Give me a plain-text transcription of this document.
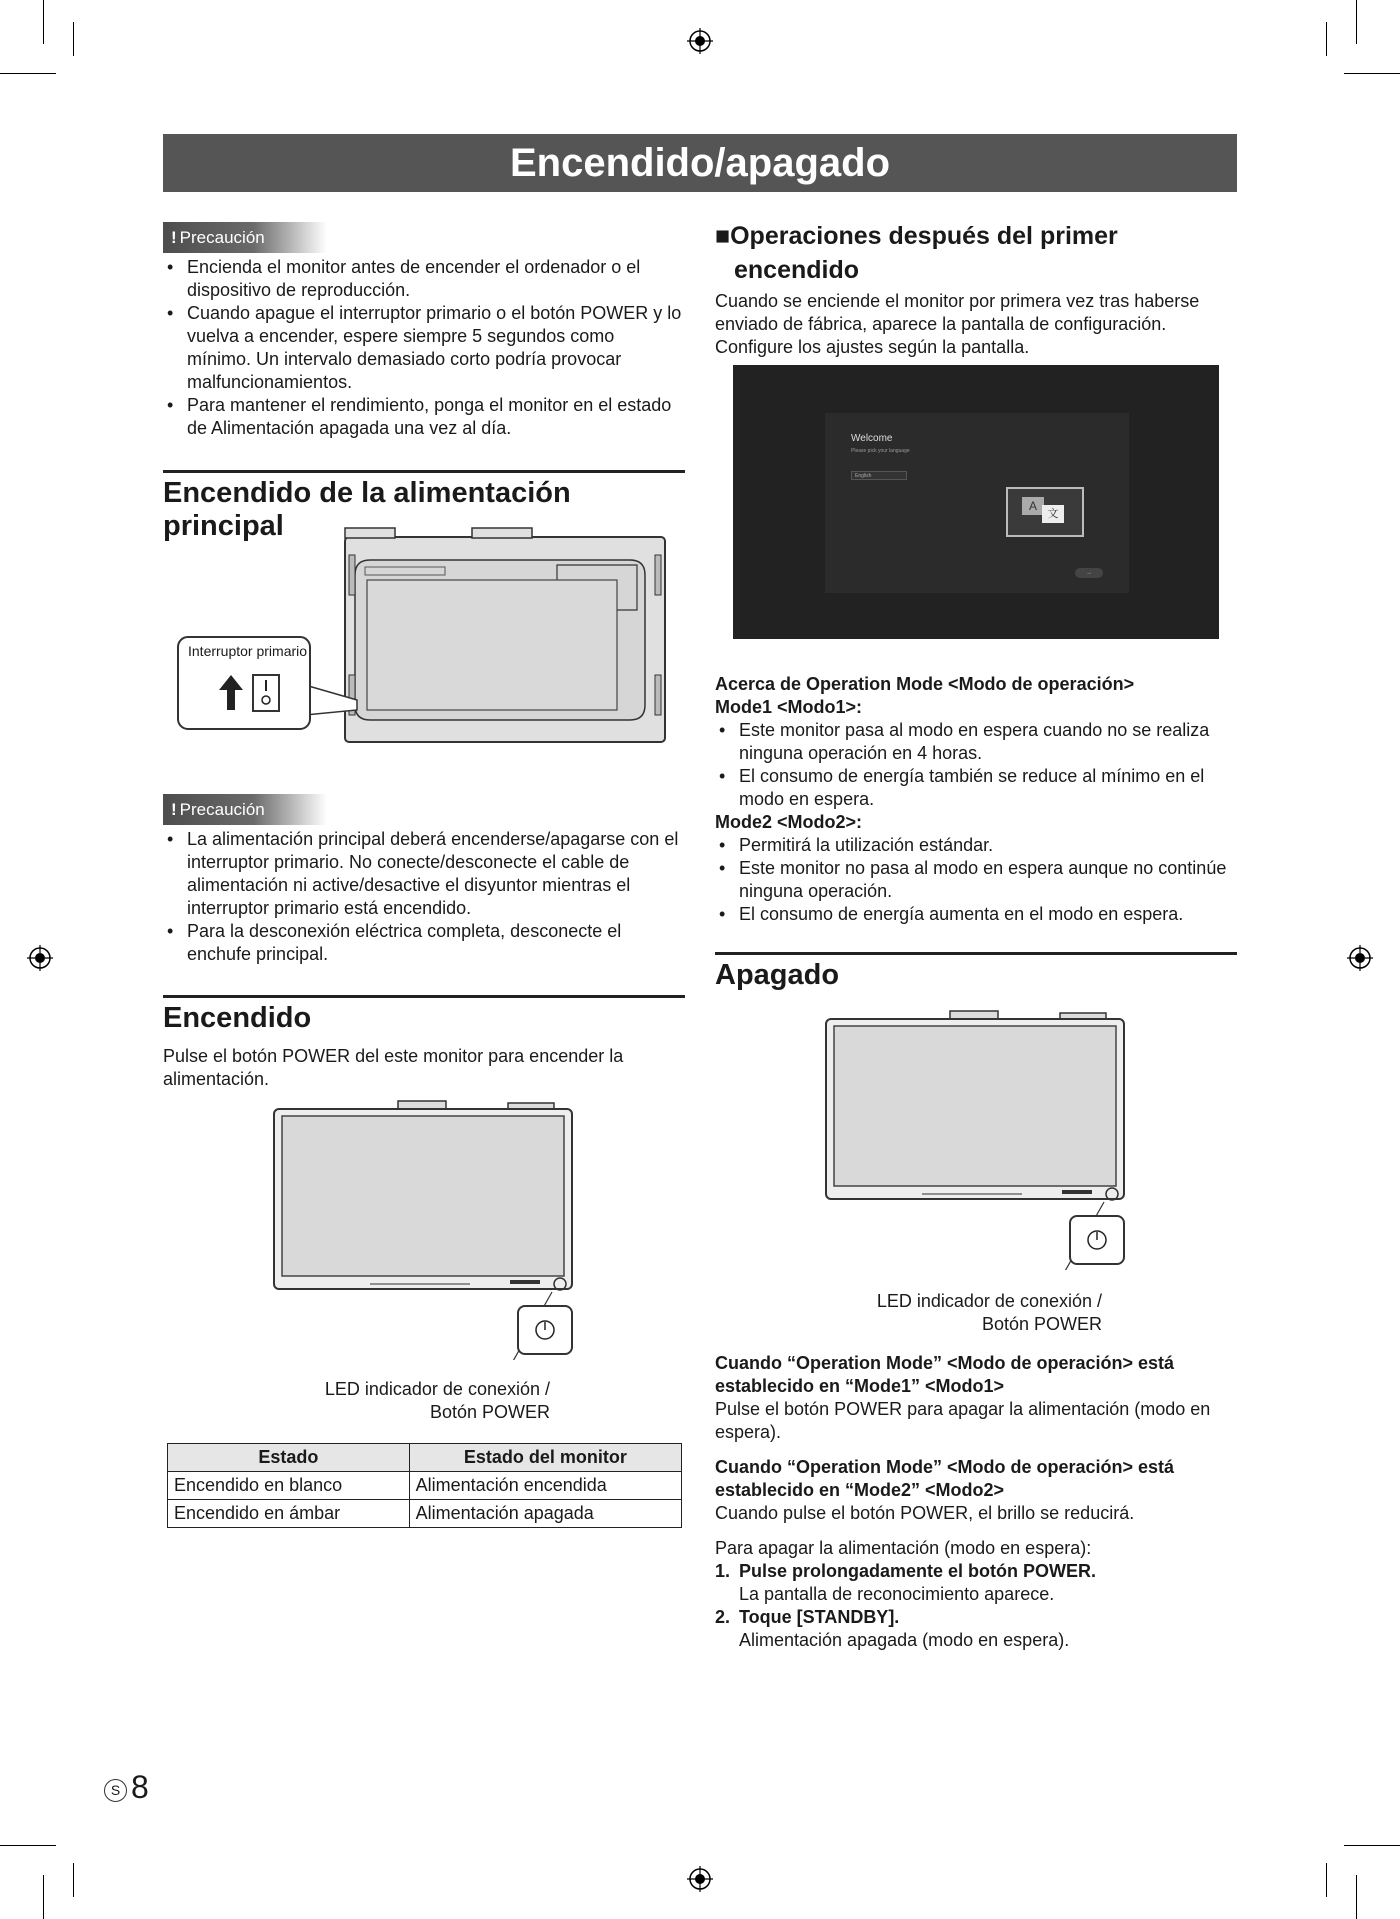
Encendido/apagado
! Precaución
• Encienda el monitor antes de encender el ordenador o el dispositivo de reproducción.
• Cuando apague el interruptor primario o el botón POWER y lo vuelva a encender, espere siempre 5 segundos como mínimo. Un intervalo demasiado corto podría provocar malfuncionamientos.
• Para mantener el rendimiento, ponga el monitor en el estado de Alimentación apagada una vez al día.
Encendido de la alimentación principal
Interruptor primario
! Precaución
• La alimentación principal deberá encenderse/apagarse con el interruptor primario. No conecte/desconecte el cable de alimentación ni active/desactive el disyuntor mientras el interruptor primario está encendido.
• Para la desconexión eléctrica completa, desconecte el enchufe principal.
Encendido
Pulse el botón POWER del este monitor para encender la alimentación.
LED indicador de conexión /
Botón POWER
Estado	Estado del monitor
Encendido en blanco	Alimentación encendida
Encendido en ámbar	Alimentación apagada
■Operaciones después del primer
encendido
Cuando se enciende el monitor por primera vez tras haberse enviado de fábrica, aparece la pantalla de configuración. Configure los ajustes según la pantalla.
Welcome
Please pick your language
English
A
文
→
Acerca de Operation Mode <Modo de operación>
Mode1 <Modo1>:
• Este monitor pasa al modo en espera cuando no se realiza ninguna operación en 4 horas.
• El consumo de energía también se reduce al mínimo en el modo en espera.
Mode2 <Modo2>:
• Permitirá la utilización estándar.
• Este monitor no pasa al modo en espera aunque no continúe ninguna operación.
• El consumo de energía aumenta en el modo en espera.
Apagado
LED indicador de conexión /
Botón POWER
Cuando “Operation Mode” <Modo de operación> está establecido en “Mode1” <Modo1>
Pulse el botón POWER para apagar la alimentación (modo en espera).
Cuando “Operation Mode” <Modo de operación> está establecido en “Mode2” <Modo2>
Cuando pulse el botón POWER, el brillo se reducirá.
Para apagar la alimentación (modo en espera):
1. Pulse prolongadamente el botón POWER.
La pantalla de reconocimiento aparece.
2. Toque [STANDBY].
Alimentación apagada (modo en espera).
S 8
